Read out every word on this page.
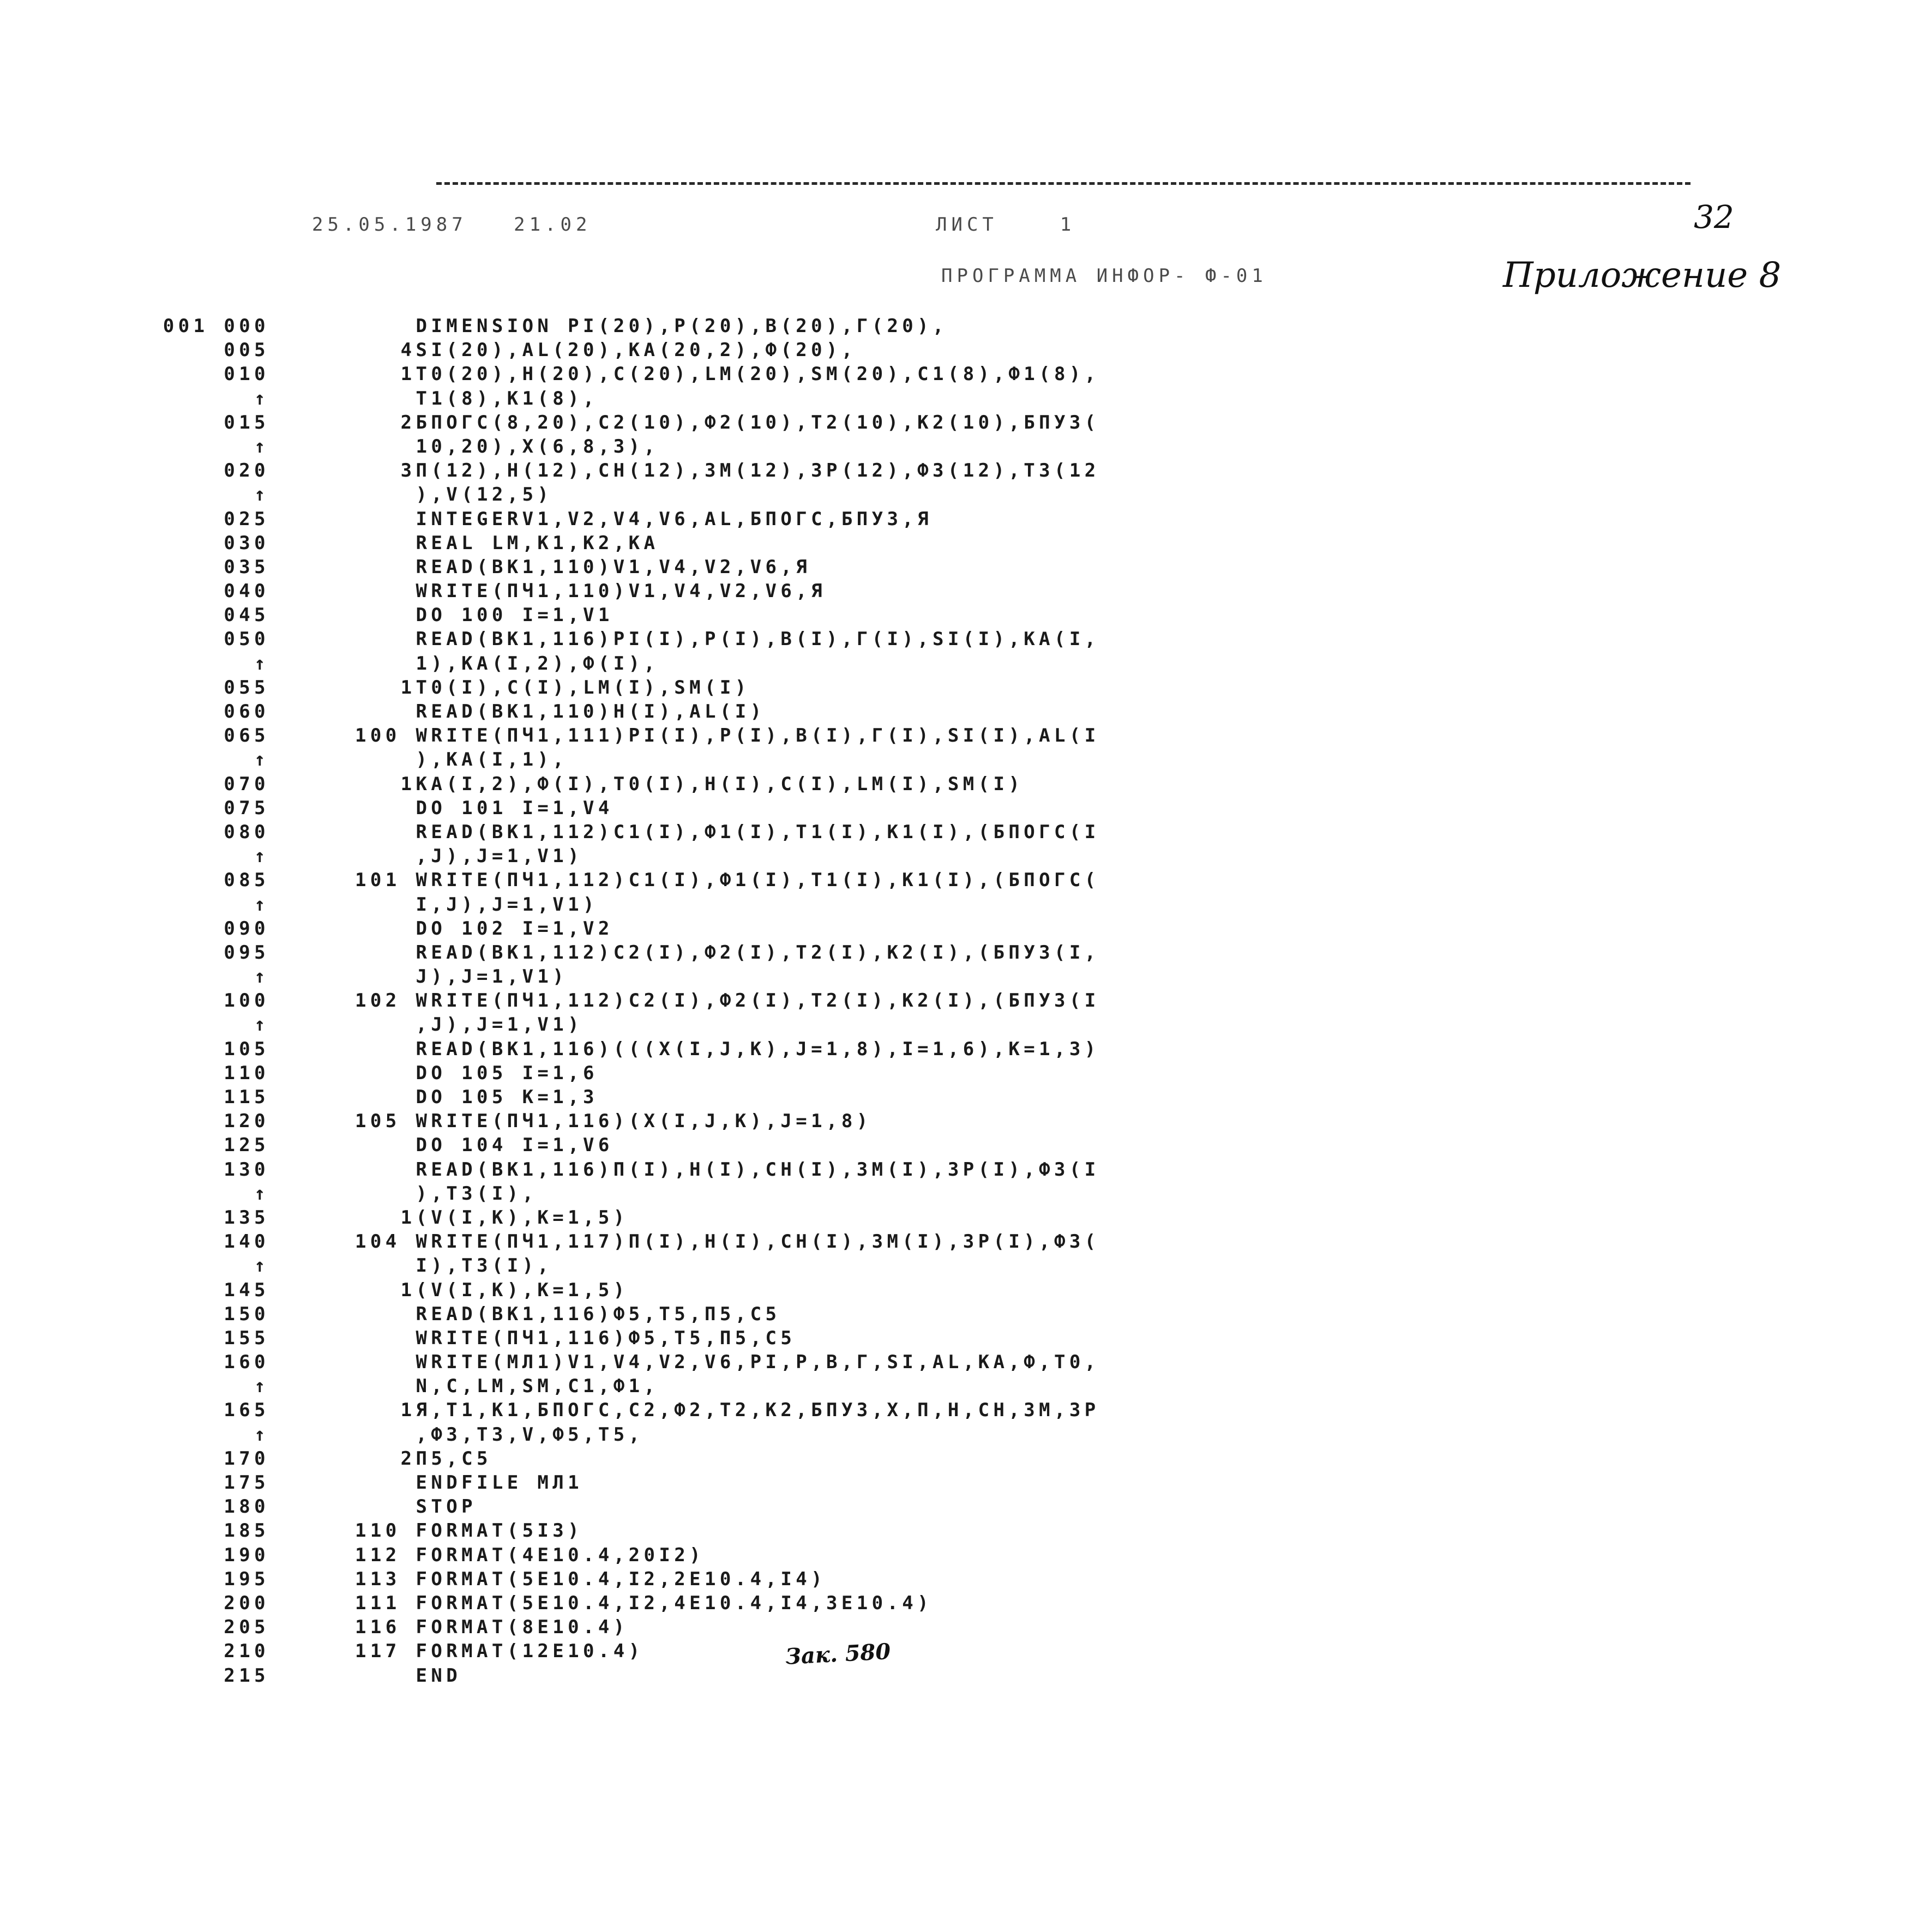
25.05.1987   21.02	ЛИСТ    1
ПРОГРАММА ИНФОР- Ф-01
32
Приложение 8
001 000	DIMENSION PI(20),P(20),B(20),Г(20),
005	4SI(20),AL(20),KA(20,2),Ф(20),
010	1T0(20),H(20),C(20),LM(20),SM(20),C1(8),Ф1(8),
↑	T1(8),K1(8),
015	2БПОГС(8,20),C2(10),Ф2(10),T2(10),K2(10),БПУ3(
↑	10,20),X(6,8,3),
020	3П(12),H(12),CH(12),3M(12),3P(12),Ф3(12),T3(12
↑	),V(12,5)
025	INTEGERV1,V2,V4,V6,AL,БПОГС,БПУ3,Я
030	REAL LM,K1,K2,KA
035	READ(BK1,110)V1,V4,V2,V6,Я
040	WRITE(ПЧ1,110)V1,V4,V2,V6,Я
045	DO 100 I=1,V1
050	READ(BK1,116)PI(I),P(I),B(I),Г(I),SI(I),KA(I,
↑	1),KA(I,2),Ф(I),
055	1T0(I),C(I),LM(I),SM(I)
060	READ(BK1,110)H(I),AL(I)
065	100 WRITE(ПЧ1,111)PI(I),P(I),B(I),Г(I),SI(I),AL(I
↑	),KA(I,1),
070	1KA(I,2),Ф(I),T0(I),H(I),C(I),LM(I),SM(I)
075	DO 101 I=1,V4
080	READ(BK1,112)C1(I),Ф1(I),T1(I),K1(I),(БПОГС(I
↑	,J),J=1,V1)
085	101 WRITE(ПЧ1,112)C1(I),Ф1(I),T1(I),K1(I),(БПОГС(
↑	I,J),J=1,V1)
090	DO 102 I=1,V2
095	READ(BK1,112)C2(I),Ф2(I),T2(I),K2(I),(БПУ3(I,
↑	J),J=1,V1)
100	102 WRITE(ПЧ1,112)C2(I),Ф2(I),T2(I),K2(I),(БПУ3(I
↑	,J),J=1,V1)
105	READ(BK1,116)(((X(I,J,K),J=1,8),I=1,6),K=1,3)
110	DO 105 I=1,6
115	DO 105 K=1,3
120	105 WRITE(ПЧ1,116)(X(I,J,K),J=1,8)
125	DO 104 I=1,V6
130	READ(BK1,116)П(I),H(I),CH(I),3M(I),3P(I),Ф3(I
↑	),T3(I),
135	1(V(I,K),K=1,5)
140	104 WRITE(ПЧ1,117)П(I),H(I),CH(I),3M(I),3P(I),Ф3(
↑	I),T3(I),
145	1(V(I,K),K=1,5)
150	READ(BK1,116)Ф5,T5,П5,C5
155	WRITE(ПЧ1,116)Ф5,T5,П5,C5
160	WRITE(МЛ1)V1,V4,V2,V6,PI,P,B,Г,SI,AL,KA,Ф,T0,
↑	N,C,LM,SM,C1,Ф1,
165	1Я,T1,K1,БПОГС,C2,Ф2,T2,K2,БПУ3,X,П,H,CH,3M,3P
↑	,Ф3,T3,V,Ф5,T5,
170	2П5,C5
175	ENDFILE МЛ1
180	STOP
185	110 FORMAT(5I3)
190	112 FORMAT(4E10.4,20I2)
195	113 FORMAT(5E10.4,I2,2E10.4,I4)
200	111 FORMAT(5E10.4,I2,4E10.4,I4,3E10.4)
205	116 FORMAT(8E10.4)
210	117 FORMAT(12E10.4)
215	END
Зак. 580
